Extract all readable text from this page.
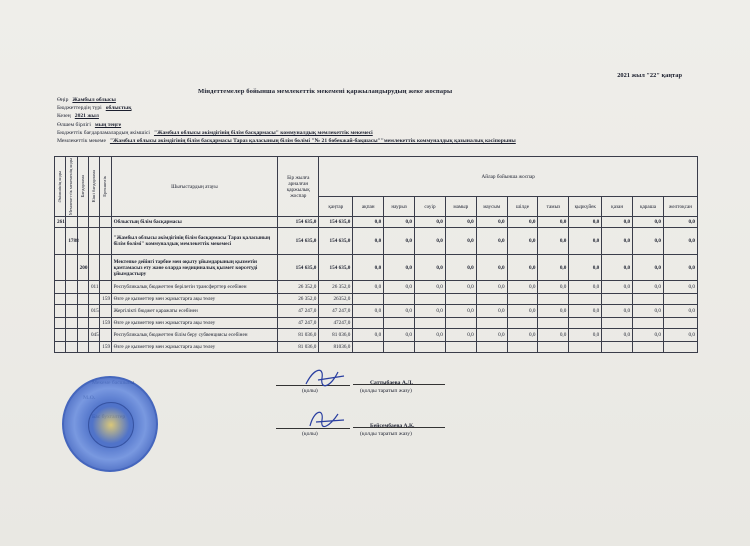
2021 жыл "22" қаңтар
Міндеттемелер бойынша мемлекеттік мекемені қаржыландырудың жеке жоспары
Өңір Жамбыл облысы
Бюджеттердің түрі облыстық
Кезең 2021 жыл
Өлшем бірлігі мың теңге
Бюджеттік бағдарламалардың әкімшісі "Жамбыл облысы әкімдігінің білім басқармасы" коммуналдық мемлекеттік мекемесі
Мемлекеттік мекеме "Жамбыл облысы әкімдігінің білім басқармасы Тараз қаласының білім бөлімі "№ 21 бөбекжай-бақшасы""мемлекеттік коммуналдық қазыналық кәсіпорыны
Әкімшінің коды	Мемлекеттік мекеменің коды	Бағдарлама	Кіші бағдарлама	Ерекшелік	Шығыстардың атауы	Бір жылға арналған қаржылық жоспар	Айлар бойынша жоспар											
							қаңтар	ақпан	наурыз	сәуір	мамыр	маусым	шілде	тамыз	қыркүйек	қазан	қараша	желтоқсан
261					Облыстың білім басқармасы	154 635,0	154 635,0	0,0	0,0	0,0	0,0	0,0	0,0	0,0	0,0	0,0	0,0	0,0
	1788				"Жамбыл облысы әкімдігінің білім басқармасы Тараз қаласының білім бөлімі" коммуналдық мемлекеттік мекемесі	154 635,0	154 635,0	0,0	0,0	0,0	0,0	0,0	0,0	0,0	0,0	0,0	0,0	0,0
		200			Мектепке дейінгі тәрбие мен оқыту ұйымдарының қызметін қамтамасыз ету және оларда медициналық қызмет көрсетуді ұйымдастыру	154 635,0	154 635,0	0,0	0,0	0,0	0,0	0,0	0,0	0,0	0,0	0,0	0,0	0,0
			011		Республикалық бюджеттен берілетін трансферттер есебінен	26 352,0	26 352,0	0,0	0,0	0,0	0,0	0,0	0,0	0,0	0,0	0,0	0,0	0,0
				159	Өзге де қызметтер мен жұмыстарға ақы төлеу	26 352,0	26352,0											
			015		Жергілікті бюджет қаражаты есебінен	47 247,0	47 247,0	0,0	0,0	0,0	0,0	0,0	0,0	0,0	0,0	0,0	0,0	0,0
				159	Өзге де қызметтер мен жұмыстарға ақы төлеу	47 247,0	47247,0											
			045		Республикалық бюджеттен білім беру субвенциясы есебінен	81 036,0	81 036,0	0,0	0,0	0,0	0,0	0,0	0,0	0,0	0,0	0,0	0,0	0,0
				159	Өзге де қызметтер мен жұмыстарға ақы төлеу	81 036,0	81036,0											
(қолы)
Саттыбаева А.Л.
(қолды таратып жазу)
(қолы)
Бейсембаева А.К.
(қолды таратып жазу)
